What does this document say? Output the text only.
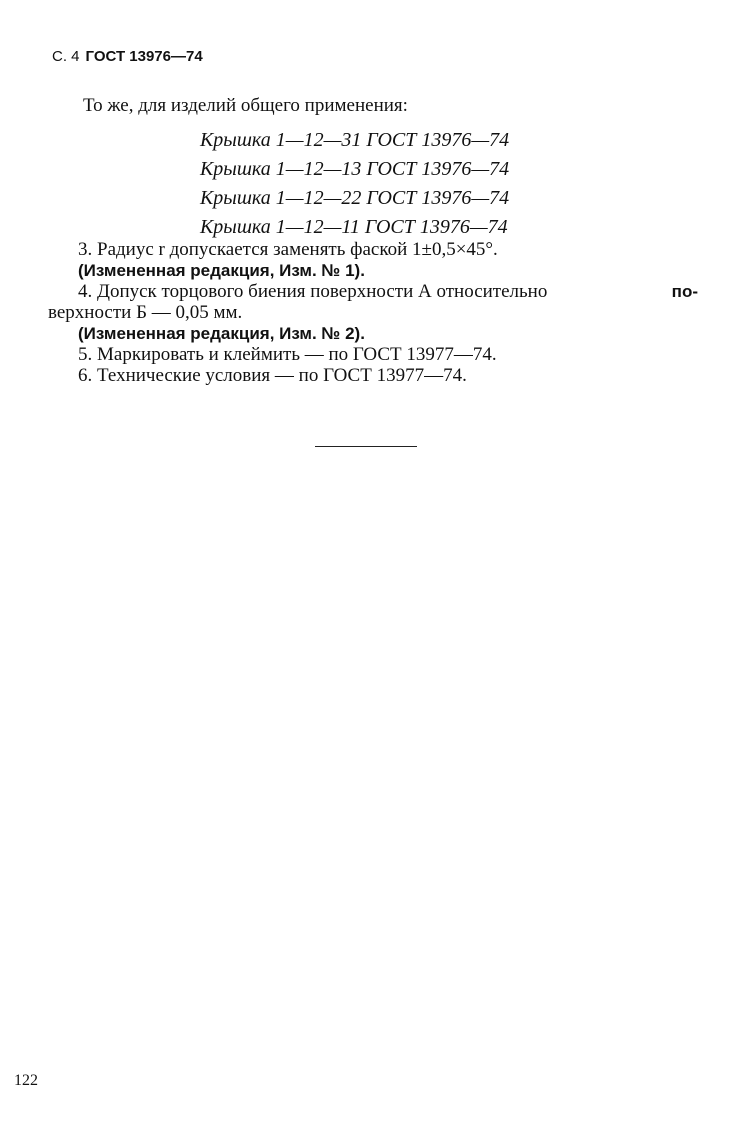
С. 4 ГОСТ 13976—74
То же, для изделий общего применения:
Крышка 1—12—31 ГОСТ 13976—74
Крышка 1—12—13 ГОСТ 13976—74
Крышка 1—12—22 ГОСТ 13976—74
Крышка 1—12—11 ГОСТ 13976—74
3. Радиус r допускается заменять фаской 1±0,5×45°.
(Измененная редакция, Изм. № 1).
4. Допуск торцового биения поверхности А относительно	по-
верхности Б — 0,05 мм.
(Измененная редакция, Изм. № 2).
5. Маркировать и клеймить — по ГОСТ 13977—74.
6. Технические условия — по ГОСТ 13977—74.
122
